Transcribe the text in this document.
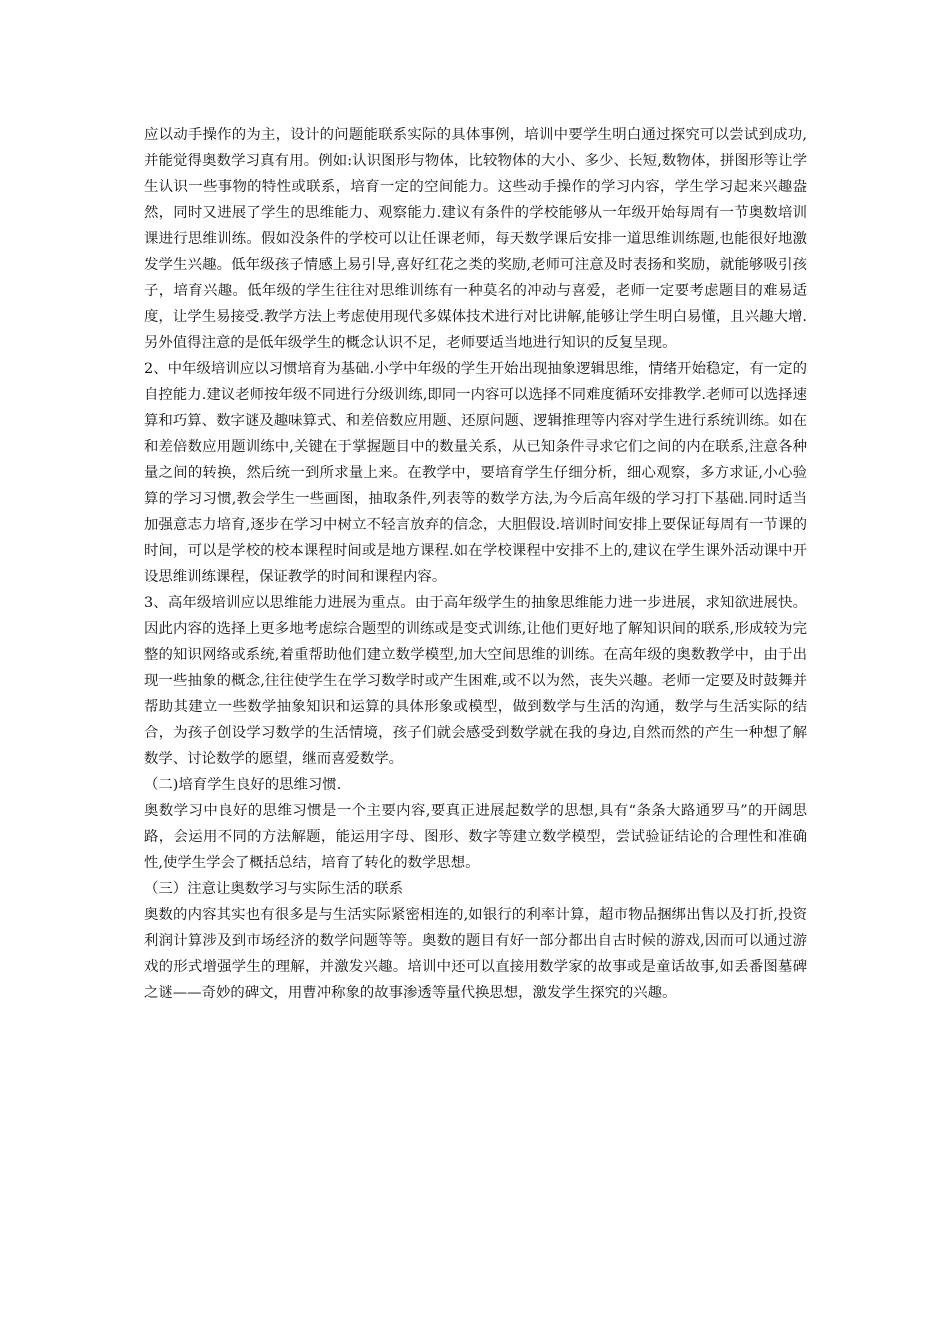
应以动手操作的为主，设计的问题能联系实际的具体事例，培训中要学生明白通过探究可以尝试到成功,并能觉得奥数学习真有用。例如:认识图形与物体，比较物体的大小、多少、长短,数物体，拼图形等让学生认识一些事物的特性或联系，培育一定的空间能力。这些动手操作的学习内容，学生学习起来兴趣盎然，同时又进展了学生的思维能力、观察能力.建议有条件的学校能够从一年级开始每周有一节奥数培训课进行思维训练。假如没条件的学校可以让任课老师，每天数学课后安排一道思维训练题,也能很好地激发学生兴趣。低年级孩子情感上易引导,喜好红花之类的奖励,老师可注意及时表扬和奖励，就能够吸引孩子，培育兴趣。低年级的学生往往对思维训练有一种莫名的冲动与喜爱，老师一定要考虑题目的难易适度，让学生易接受.教学方法上考虑使用现代多媒体技术进行对比讲解,能够让学生明白易懂，且兴趣大增.另外值得注意的是低年级学生的概念认识不足，老师要适当地进行知识的反复呈现。

2、中年级培训应以习惯培育为基础.小学中年级的学生开始出现抽象逻辑思维，情绪开始稳定，有一定的自控能力.建议老师按年级不同进行分级训练,即同一内容可以选择不同难度循环安排教学.老师可以选择速算和巧算、数字谜及趣味算式、和差倍数应用题、还原问题、逻辑推理等内容对学生进行系统训练。如在和差倍数应用题训练中,关键在于掌握题目中的数量关系，从已知条件寻求它们之间的内在联系,注意各种量之间的转换，然后统一到所求量上来。在教学中，要培育学生仔细分析，细心观察，多方求证,小心验算的学习习惯,教会学生一些画图，抽取条件,列表等的数学方法,为今后高年级的学习打下基础.同时适当加强意志力培育,逐步在学习中树立不轻言放弃的信念，大胆假设.培训时间安排上要保证每周有一节课的时间，可以是学校的校本课程时间或是地方课程.如在学校课程中安排不上的,建议在学生课外活动课中开设思维训练课程，保证教学的时间和课程内容。

3、高年级培训应以思维能力进展为重点。由于高年级学生的抽象思维能力进一步进展，求知欲进展快。因此内容的选择上更多地考虑综合题型的训练或是变式训练,让他们更好地了解知识间的联系,形成较为完整的知识网络或系统,着重帮助他们建立数学模型,加大空间思维的训练。在高年级的奥数教学中，由于出现一些抽象的概念,往往使学生在学习数学时或产生困难,或不以为然，丧失兴趣。老师一定要及时鼓舞并帮助其建立一些数学抽象知识和运算的具体形象或模型，做到数学与生活的沟通，数学与生活实际的结合，为孩子创设学习数学的生活情境，孩子们就会感受到数学就在我的身边,自然而然的产生一种想了解数学、讨论数学的愿望，继而喜爱数学。

（二)培育学生良好的思维习惯.

奥数学习中良好的思维习惯是一个主要内容,要真正进展起数学的思想,具有“条条大路通罗马”的开阔思路，会运用不同的方法解题，能运用字母、图形、数字等建立数学模型，尝试验证结论的合理性和准确性,使学生学会了概括总结，培育了转化的数学思想。

（三）注意让奥数学习与实际生活的联系

奥数的内容其实也有很多是与生活实际紧密相连的,如银行的利率计算，超市物品捆绑出售以及打折,投资利润计算涉及到市场经济的数学问题等等。奥数的题目有好一部分都出自古时候的游戏,因而可以通过游戏的形式增强学生的理解，并激发兴趣。培训中还可以直接用数学家的故事或是童话故事,如丢番图墓碑之谜——奇妙的碑文，用曹冲称象的故事渗透等量代换思想，激发学生探究的兴趣。
